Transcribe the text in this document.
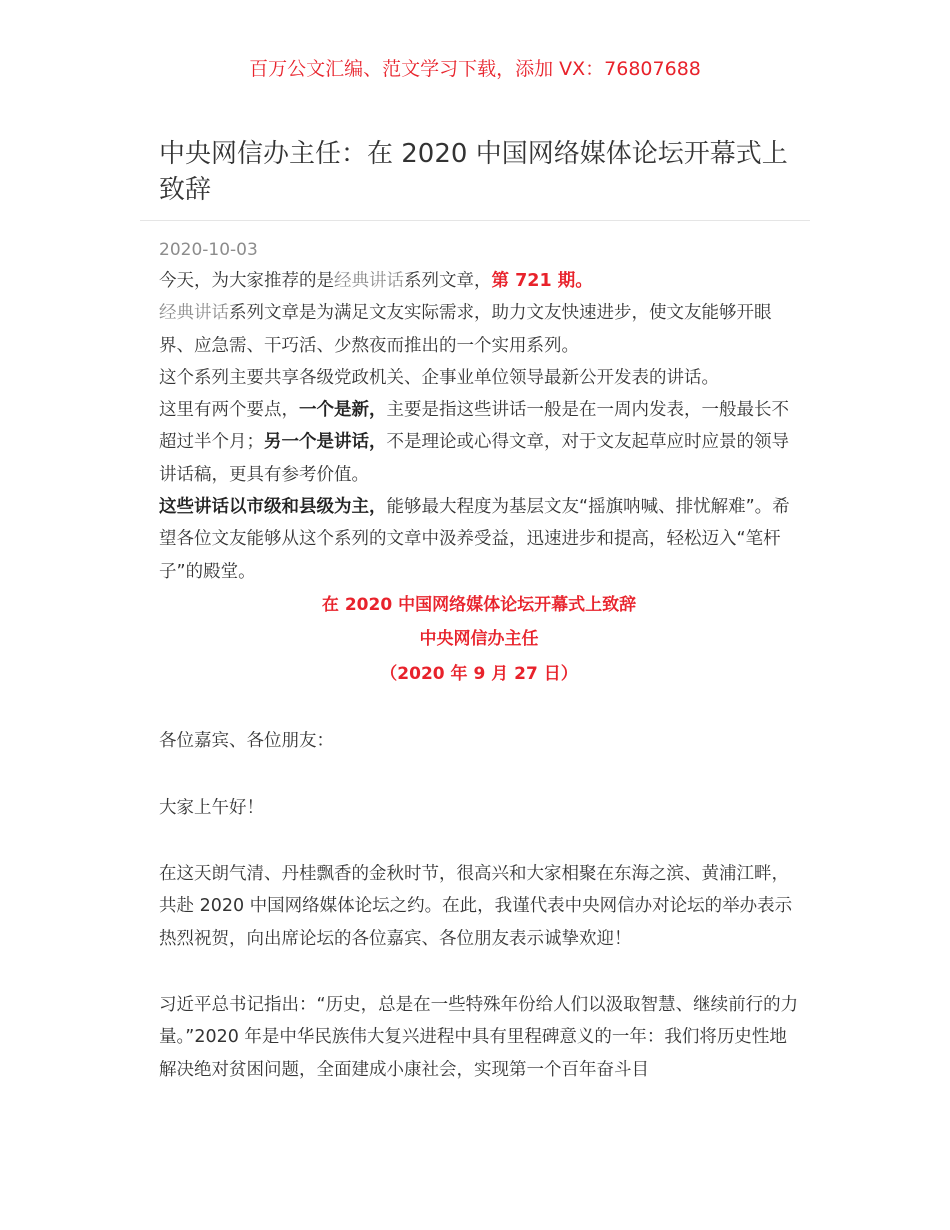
百万公文汇编、范文学习下载，添加 VX：76807688
中央网信办主任：在 2020 中国网络媒体论坛开幕式上致辞
2020-10-03

今天，为大家推荐的是经典讲话系列文章，第 721 期。

经典讲话系列文章是为满足文友实际需求，助力文友快速进步，使文友能够开眼界、应急需、干巧活、少熬夜而推出的一个实用系列。

这个系列主要共享各级党政机关、企事业单位领导最新公开发表的讲话。

这里有两个要点，一个是新，主要是指这些讲话一般是在一周内发表，一般最长不超过半个月；另一个是讲话，不是理论或心得文章，对于文友起草应时应景的领导讲话稿，更具有参考价值。

这些讲话以市级和县级为主，能够最大程度为基层文友“摇旗呐喊、排忧解难”。希望各位文友能够从这个系列的文章中汲养受益，迅速进步和提高，轻松迈入“笔杆子”的殿堂。

在 2020 中国网络媒体论坛开幕式上致辞

中央网信办主任

（2020 年 9 月 27 日）

各位嘉宾、各位朋友：

大家上午好！

在这天朗气清、丹桂飘香的金秋时节，很高兴和大家相聚在东海之滨、黄浦江畔，共赴 2020 中国网络媒体论坛之约。在此，我谨代表中央网信办对论坛的举办表示热烈祝贺，向出席论坛的各位嘉宾、各位朋友表示诚挚欢迎！

习近平总书记指出：“历史，总是在一些特殊年份给人们以汲取智慧、继续前行的力量。”2020 年是中华民族伟大复兴进程中具有里程碑意义的一年：我们将历史性地解决绝对贫困问题，全面建成小康社会，实现第一个百年奋斗目
